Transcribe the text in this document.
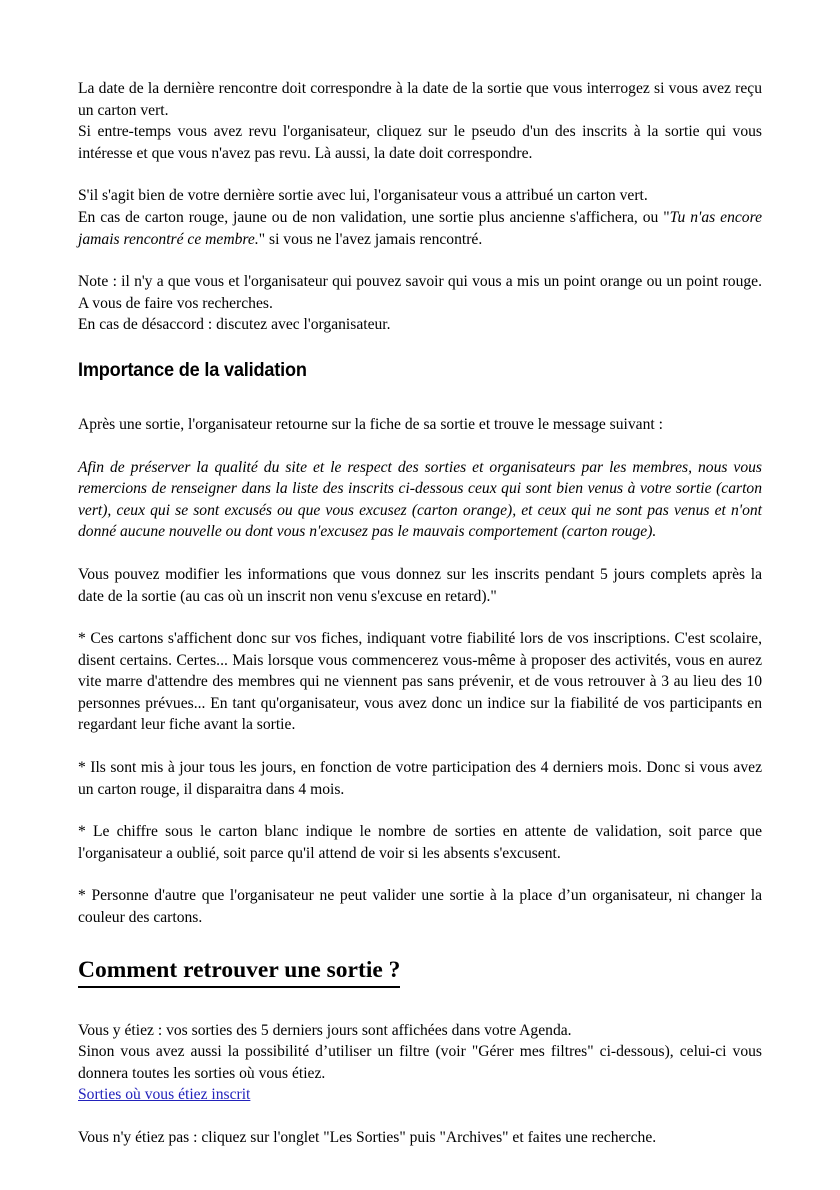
La date de la dernière rencontre doit correspondre à la date de la sortie que vous interrogez si vous avez reçu un carton vert.

Si entre-temps vous avez revu l'organisateur, cliquez sur le pseudo d'un des inscrits à la sortie qui vous intéresse et que vous n'avez pas revu. Là aussi, la date doit correspondre.

S'il s'agit bien de votre dernière sortie avec lui, l'organisateur vous a attribué un carton vert.

En cas de carton rouge, jaune ou de non validation, une sortie plus ancienne s'affichera, ou "Tu n'as encore jamais rencontré ce membre." si vous ne l'avez jamais rencontré.

Note : il n'y a que vous et l'organisateur qui pouvez savoir qui vous a mis un point orange ou un point rouge. A vous de faire vos recherches.

En cas de désaccord : discutez avec l'organisateur.

Importance de la validation

Après une sortie, l'organisateur retourne sur la fiche de sa sortie et trouve le message suivant :

Afin de préserver la qualité du site et le respect des sorties et organisateurs par les membres, nous vous remercions de renseigner dans la liste des inscrits ci-dessous ceux qui sont bien venus à votre sortie (carton vert), ceux qui se sont excusés ou que vous excusez (carton orange), et ceux qui ne sont pas venus et n'ont donné aucune nouvelle ou dont vous n'excusez pas le mauvais comportement (carton rouge).

Vous pouvez modifier les informations que vous donnez sur les inscrits pendant 5 jours complets après la date de la sortie (au cas où un inscrit non venu s'excuse en retard)."

* Ces cartons s'affichent donc sur vos fiches, indiquant votre fiabilité lors de vos inscriptions. C'est scolaire, disent certains. Certes... Mais lorsque vous commencerez vous-même à proposer des activités, vous en aurez vite marre d'attendre des membres qui ne viennent pas sans prévenir, et de vous retrouver à 3 au lieu des 10 personnes prévues... En tant qu'organisateur, vous avez donc un indice sur la fiabilité de vos participants en regardant leur fiche avant la sortie.

* Ils sont mis à jour tous les jours, en fonction de votre participation des 4 derniers mois. Donc si vous avez un carton rouge, il disparaitra dans 4 mois.

* Le chiffre sous le carton blanc indique le nombre de sorties en attente de validation, soit parce que l'organisateur a oublié, soit parce qu'il attend de voir si les absents s'excusent.

* Personne d'autre que l'organisateur ne peut valider une sortie à la place d’un organisateur, ni changer la couleur des cartons.

Comment retrouver une sortie ?

Vous y étiez : vos sorties des 5 derniers jours sont affichées dans votre Agenda.

Sinon vous avez aussi la possibilité d’utiliser un filtre (voir "Gérer mes filtres" ci-dessous), celui-ci vous donnera toutes les sorties où vous étiez.

Sorties où vous étiez inscrit

Vous n'y étiez pas : cliquez sur l'onglet "Les Sorties" puis "Archives" et faites une recherche.
